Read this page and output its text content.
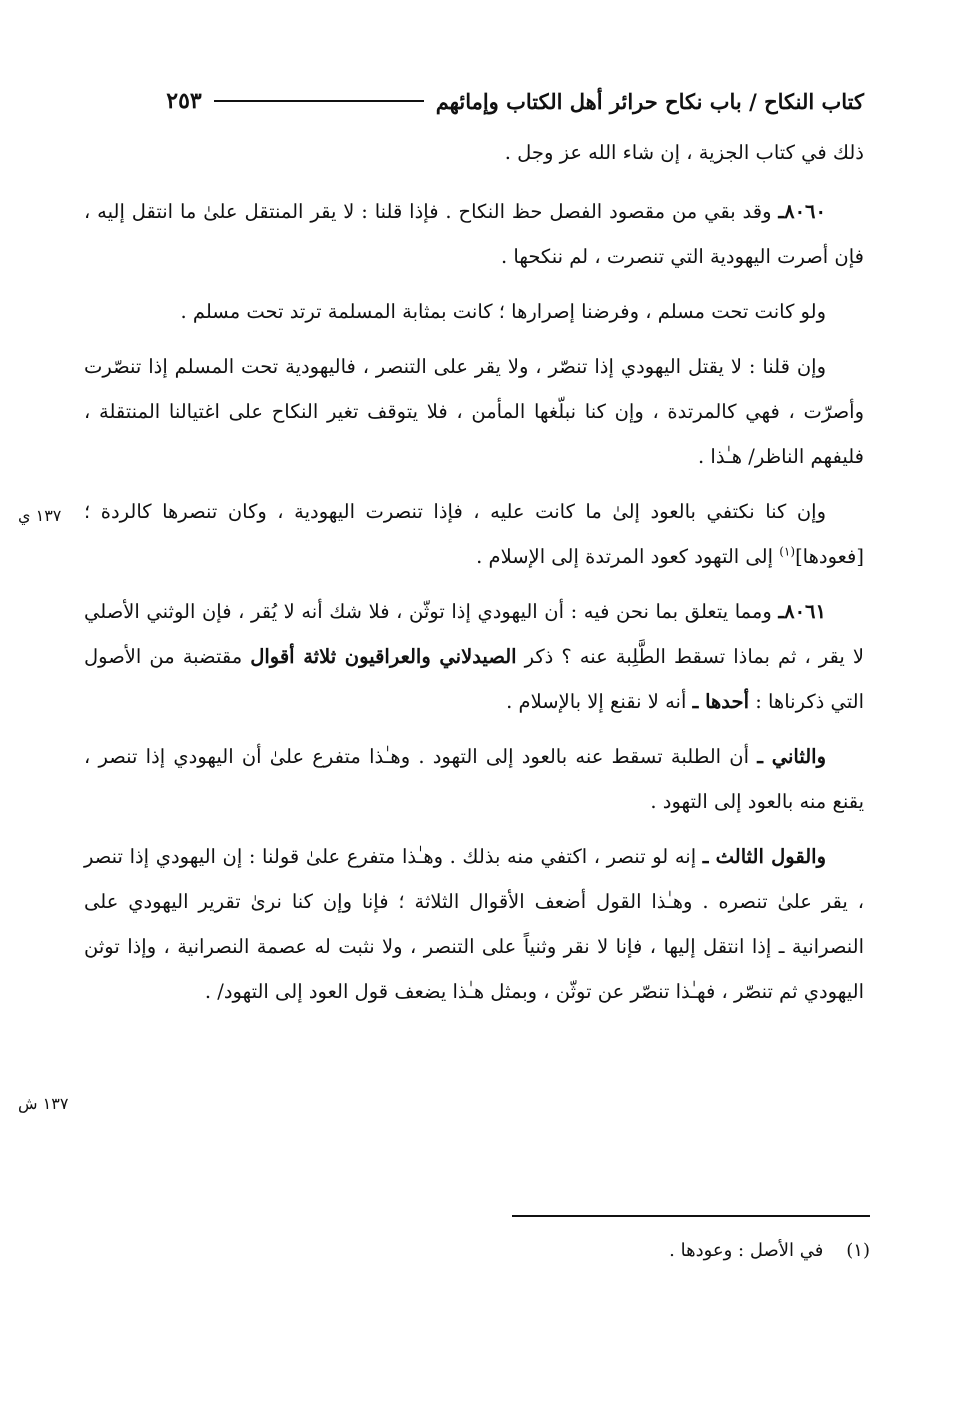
كتاب النكاح / باب نكاح حرائر أهل الكتاب وإمائهم
٢٥٣

ذلك في كتاب الجزية ، إن شاء الله عز وجل .

٨٠٦٠ـ وقد بقي من مقصود الفصل حظ النكاح . فإذا قلنا : لا يقر المنتقل علىٰ ما انتقل إليه ، فإن أصرت اليهودية التي تنصرت ، لم ننكحها .

ولو كانت تحت مسلم ، وفرضنا إصرارها ؛ كانت بمثابة المسلمة ترتد تحت مسلم .

وإن قلنا : لا يقتل اليهودي إذا تنصّر ، ولا يقر على التنصر ، فاليهودية تحت المسلم إذا تنصّرت وأصرّت ، فهي كالمرتدة ، وإن كنا نبلّغها المأمن ، فلا يتوقف تغير النكاح على اغتيالنا المنتقلة ، فليفهم الناظر/ هـٰذا .

وإن كنا نكتفي بالعود إلىٰ ما كانت عليه ، فإذا تنصرت اليهودية ، وكان تنصرها كالردة ؛ [فعودها]$^{(١)}$ إلى التهود كعود المرتدة إلى الإسلام .

٨٠٦١ـ ومما يتعلق بما نحن فيه : أن اليهودي إذا توثّن ، فلا شك أنه لا يُقر ، فإن الوثني الأصلي لا يقر ، ثم بماذا تسقط الطَّلِبة عنه ؟ ذكر الصيدلاني والعراقيون ثلاثة أقوال مقتضبة من الأصول التي ذكرناها : أحدها ـ أنه لا نقنع إلا بالإسلام .

والثاني ـ أن الطلبة تسقط عنه بالعود إلى التهود . وهـٰذا متفرع علىٰ أن اليهودي إذا تنصر ، يقنع منه بالعود إلى التهود .

والقول الثالث ـ إنه لو تنصر ، اكتفي منه بذلك . وهـٰذا متفرع علىٰ قولنا : إن اليهودي إذا تنصر ، يقر علىٰ تنصره . وهـٰذا القول أضعف الأقوال الثلاثة ؛ فإنا وإن كنا نرىٰ تقرير اليهودي على النصرانية ـ إذا انتقل إليها ، فإنا لا نقر وثنياً على التنصر ، ولا نثبت له عصمة النصرانية ، وإذا توثن اليهودي ثم تنصّر ، فهـٰذا تنصّر عن توثّن ، وبمثل هـٰذا يضعف قول العود إلى التهود/ .

١٣٧ ي
١٣٧ ش
(١)    في الأصل : وعودها .
